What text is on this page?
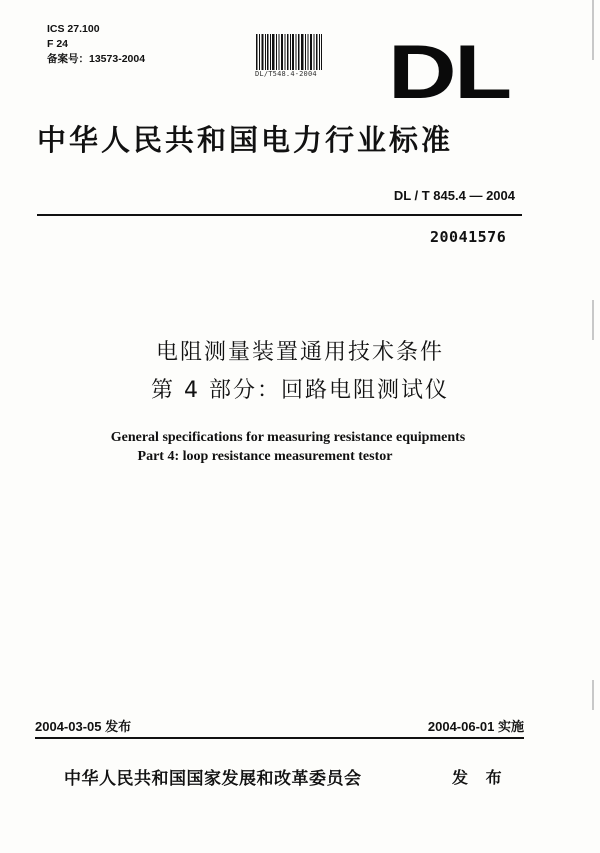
ICS 27.100
F 24
备案号：13573-2004
DL/T548.4-2004 DL
中华人民共和国电力行业标准
DL / T 845.4 — 2004
20041576
电阻测量装置通用技术条件
第 4 部分：回路电阻测试仪
General specifications for measuring resistance equipments
Part 4: loop resistance measurement testor
2004-03-05 发布	2004-06-01 实施
中华人民共和国国家发展和改革委员会	发 布
